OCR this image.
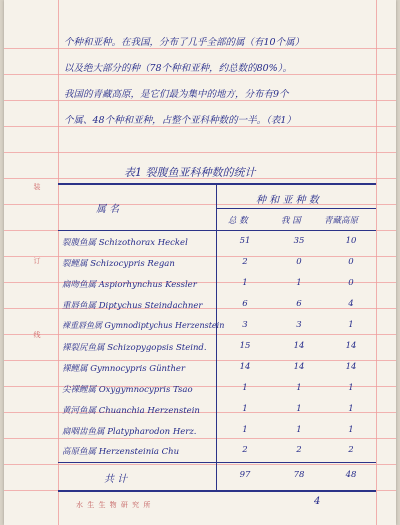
装
订
线
个种和亚种。在我国，分布了几乎全部的属（有10个属）
以及绝大部分的种（78个种和亚种，约总数的80%）。
我国的青藏高原，是它们最为集中的地方，分布有9个
个属、48个种和亚种，占整个亚科种数的一半。（表1）
表1 裂腹鱼亚科种数的统计
属 名
种 和 亚 种 数
总 数	我 国	青藏高原
裂腹鱼属 Schizothorax Heckel	51	35	10
裂鲤属 Schizocypris Regan	2	0	0
扁吻鱼属 Aspiorhynchus Kessler	1	1	0
重唇鱼属 Diptychus Steindachner	6	6	4
裸重唇鱼属 Gymnodiptychus Herzenstein	3	3	1
裸裂尻鱼属 Schizopygopsis Steind.	15	14	14
裸鲤属 Gymnocypris Günther	14	14	14
尖裸鲤属 Oxygymnocypris Tsao	1	1	1
黄河鱼属 Chuanchia Herzenstein	1	1	1
扁咽齿鱼属 Platypharodon Herz.	1	1	1
高原鱼属 Herzensteinia Chu	2	2	2
共 计	97	78	48
水 生 生 物 研 究 所	4
